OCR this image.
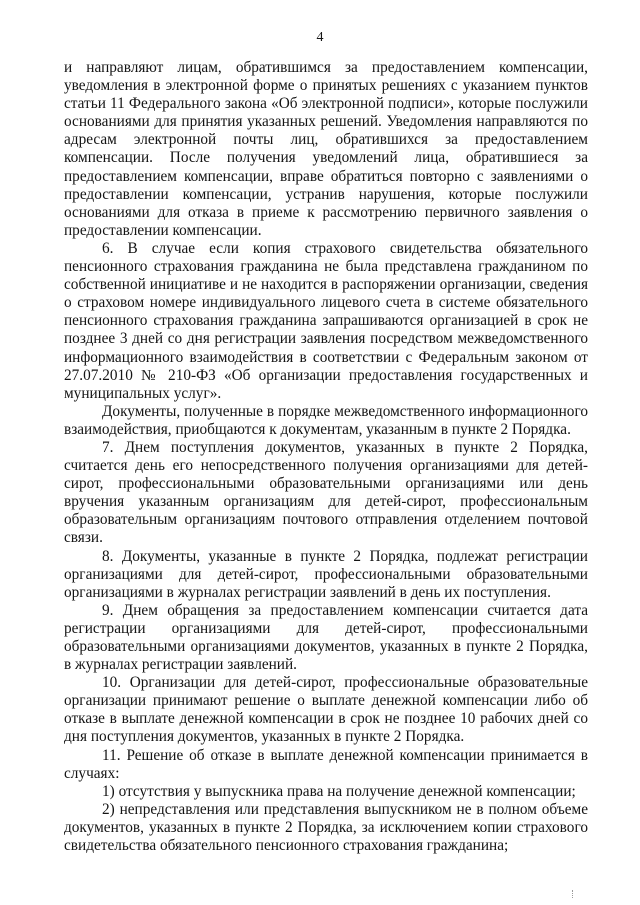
4

и направляют лицам, обратившимся за предоставлением компенсации, уведомления в электронной форме о принятых решениях с указанием пунктов статьи 11 Федерального закона «Об электронной подписи», которые послужили основаниями для принятия указанных решений. Уведомления направляются по адресам электронной почты лиц, обратившихся за предоставлением компенсации. После получения уведомлений лица, обратившиеся за предоставлением компенсации, вправе обратиться повторно с заявлениями о предоставлении компенсации, устранив нарушения, которые послужили основаниями для отказа в приеме к рассмотрению первичного заявления о предоставлении компенсации.

6. В случае если копия страхового свидетельства обязательного пенсионного страхования гражданина не была представлена гражданином по собственной инициативе и не находится в распоряжении организации, сведения о страховом номере индивидуального лицевого счета в системе обязательного пенсионного страхования гражданина запрашиваются организацией в срок не позднее 3 дней со дня регистрации заявления посредством межведомственного информационного взаимодействия в соответствии с Федеральным законом от 27.07.2010 № 210-ФЗ «Об организации предоставления государственных и муниципальных услуг».

Документы, полученные в порядке межведомственного информационного взаимодействия, приобщаются к документам, указанным в пункте 2 Порядка.

7. Днем поступления документов, указанных в пункте 2 Порядка, считается день его непосредственного получения организациями для детей-сирот, профессиональными образовательными организациями или день вручения указанным организациям для детей-сирот, профессиональным образовательным организациям почтового отправления отделением почтовой связи.

8. Документы, указанные в пункте 2 Порядка, подлежат регистрации организациями для детей-сирот, профессиональными образовательными организациями в журналах регистрации заявлений в день их поступления.

9. Днем обращения за предоставлением компенсации считается дата регистрации организациями для детей-сирот, профессиональными образовательными организациями документов, указанных в пункте 2 Порядка, в журналах регистрации заявлений.

10. Организации для детей-сирот, профессиональные образовательные организации принимают решение о выплате денежной компенсации либо об отказе в выплате денежной компенсации в срок не позднее 10 рабочих дней со дня поступления документов, указанных в пункте 2 Порядка.

11. Решение об отказе в выплате денежной компенсации принимается в случаях:

1) отсутствия у выпускника права на получение денежной компенсации;

2) непредставления или представления выпускником не в полном объеме документов, указанных в пункте 2 Порядка, за исключением копии страхового свидетельства обязательного пенсионного страхования гражданина;
